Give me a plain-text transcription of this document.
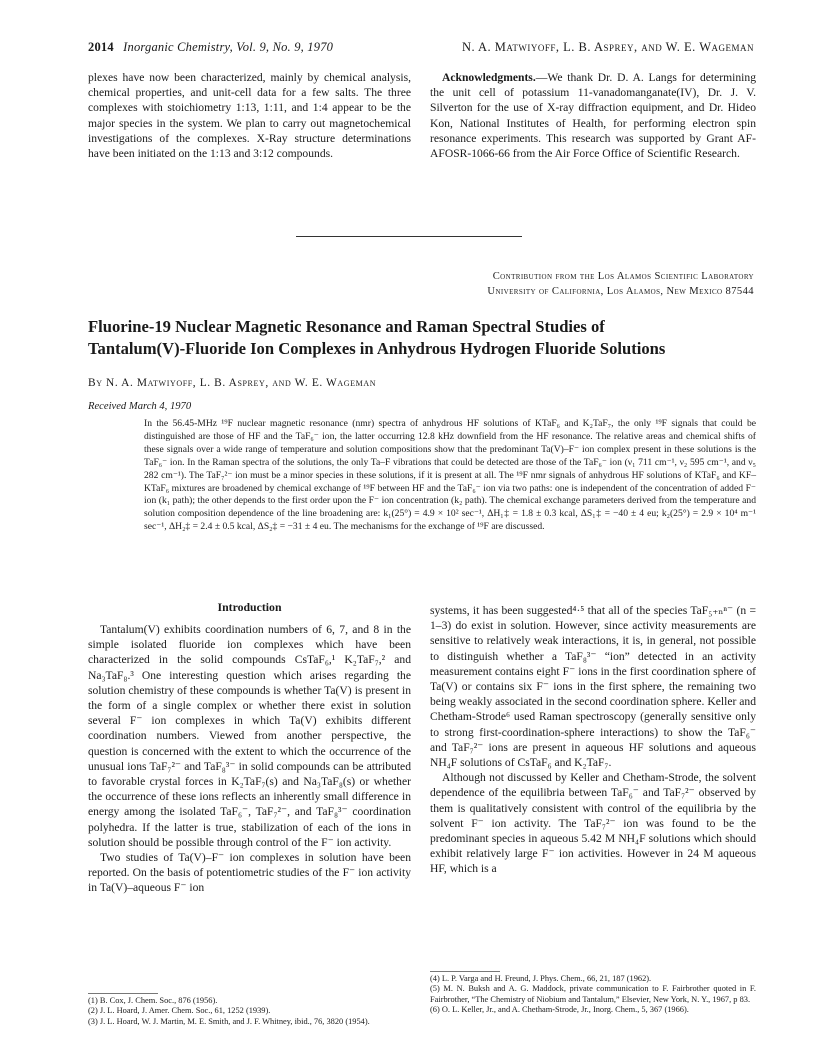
2014 Inorganic Chemistry, Vol. 9, No. 9, 1970	N. A. Matwiyoff, L. B. Asprey, and W. E. Wageman

plexes have now been characterized, mainly by chemical analysis, chemical properties, and unit-cell data for a few salts. The three complexes with stoichiometry 1:13, 1:11, and 1:4 appear to be the major species in the system. We plan to carry out magnetochemical investigations of the complexes. X-Ray structure determinations have been initiated on the 1:13 and 3:12 compounds.

Acknowledgments.—We thank Dr. D. A. Langs for determining the unit cell of potassium 11-vanadomanganate(IV), Dr. J. V. Silverton for the use of X-ray diffraction equipment, and Dr. Hideo Kon, National Institutes of Health, for performing electron spin resonance experiments. This research was supported by Grant AF-AFOSR-1066-66 from the Air Force Office of Scientific Research.

Contribution from the Los Alamos Scientific Laboratory
University of California, Los Alamos, New Mexico 87544
Fluorine-19 Nuclear Magnetic Resonance and Raman Spectral Studies of
Tantalum(V)-Fluoride Ion Complexes in Anhydrous Hydrogen Fluoride Solutions
By N. A. Matwiyoff, L. B. Asprey, and W. E. Wageman
Received March 4, 1970

In the 56.45-MHz ¹⁹F nuclear magnetic resonance (nmr) spectra of anhydrous HF solutions of KTaF₆ and K₂TaF₇, the only ¹⁹F signals that could be distinguished are those of HF and the TaF₆⁻ ion, the latter occurring 12.8 kHz downfield from the HF resonance. The relative areas and chemical shifts of these signals over a wide range of temperature and solution compositions show that the predominant Ta(V)–F⁻ ion complex present in these solutions is the TaF₆⁻ ion. In the Raman spectra of the solutions, the only Ta–F vibrations that could be detected are those of the TaF₆⁻ ion (ν₁ 711 cm⁻¹, ν₂ 595 cm⁻¹, and ν₅ 282 cm⁻¹). The TaF₇²⁻ ion must be a minor species in these solutions, if it is present at all. The ¹⁹F nmr signals of anhydrous HF solutions of KTaF₆ and KF–KTaF₆ mixtures are broadened by chemical exchange of ¹⁹F between HF and the TaF₆⁻ ion via two paths: one is independent of the concentration of added F⁻ ion (k₁ path); the other depends to the first order upon the F⁻ ion concentration (k₂ path). The chemical exchange parameters derived from the temperature and solution composition dependence of the line broadening are: k₁(25°) = 4.9 × 10² sec⁻¹, ΔH₁‡ = 1.8 ± 0.3 kcal, ΔS₁‡ = −40 ± 4 eu; k₂(25°) = 2.9 × 10⁴ m⁻¹ sec⁻¹, ΔH₂‡ = 2.4 ± 0.5 kcal, ΔS₂‡ = −31 ± 4 eu. The mechanisms for the exchange of ¹⁹F are discussed.

Introduction

Tantalum(V) exhibits coordination numbers of 6, 7, and 8 in the simple isolated fluoride ion complexes which have been characterized in the solid compounds CsTaF₆,¹ K₂TaF₇,² and Na₃TaF₈.³ One interesting question which arises regarding the solution chemistry of these compounds is whether Ta(V) is present in the form of a single complex or whether there exist in solution several F⁻ ion complexes in which Ta(V) exhibits different coordination numbers. Viewed from another perspective, the question is concerned with the extent to which the occurrence of the unusual ions TaF₇²⁻ and TaF₈³⁻ in solid compounds can be attributed to favorable crystal forces in K₂TaF₇(s) and Na₃TaF₈(s) or whether the occurrence of these ions reflects an inherently small difference in energy among the isolated TaF₆⁻, TaF₇²⁻, and TaF₈³⁻ coordination polyhedra. If the latter is true, stabilization of each of the ions in solution should be possible through control of the F⁻ ion activity.

Two studies of Ta(V)–F⁻ ion complexes in solution have been reported. On the basis of potentiometric studies of the F⁻ ion activity in Ta(V)–aqueous F⁻ ion

systems, it has been suggested⁴·⁵ that all of the species TaF₅₊ₙⁿ⁻ (n = 1–3) do exist in solution. However, since activity measurements are sensitive to relatively weak interactions, it is, in general, not possible to distinguish whether a TaF₈³⁻ “ion” detected in an activity measurement contains eight F⁻ ions in the first coordination sphere of Ta(V) or contains six F⁻ ions in the first sphere, the remaining two being weakly associated in the second coordination sphere. Keller and Chetham-Strode⁶ used Raman spectroscopy (generally sensitive only to strong first-coordination-sphere interactions) to show the TaF₆⁻ and TaF₇²⁻ ions are present in aqueous HF solutions and aqueous NH₄F solutions of CsTaF₆ and K₂TaF₇.

Although not discussed by Keller and Chetham-Strode, the solvent dependence of the equilibria between TaF₆⁻ and TaF₇²⁻ observed by them is qualitatively consistent with control of the equilibria by the solvent F⁻ ion activity. The TaF₇²⁻ ion was found to be the predominant species in aqueous 5.42 M NH₄F solutions which should exhibit relatively large F⁻ ion activities. However in 24 M aqueous HF, which is a

(1) B. Cox, J. Chem. Soc., 876 (1956).

(2) J. L. Hoard, J. Amer. Chem. Soc., 61, 1252 (1939).

(3) J. L. Hoard, W. J. Martin, M. E. Smith, and J. F. Whitney, ibid., 76, 3820 (1954).

(4) L. P. Varga and H. Freund, J. Phys. Chem., 66, 21, 187 (1962).

(5) M. N. Buksh and A. G. Maddock, private communication to F. Fairbrother quoted in F. Fairbrother, “The Chemistry of Niobium and Tantalum,” Elsevier, New York, N. Y., 1967, p 83.

(6) O. L. Keller, Jr., and A. Chetham-Strode, Jr., Inorg. Chem., 5, 367 (1966).
